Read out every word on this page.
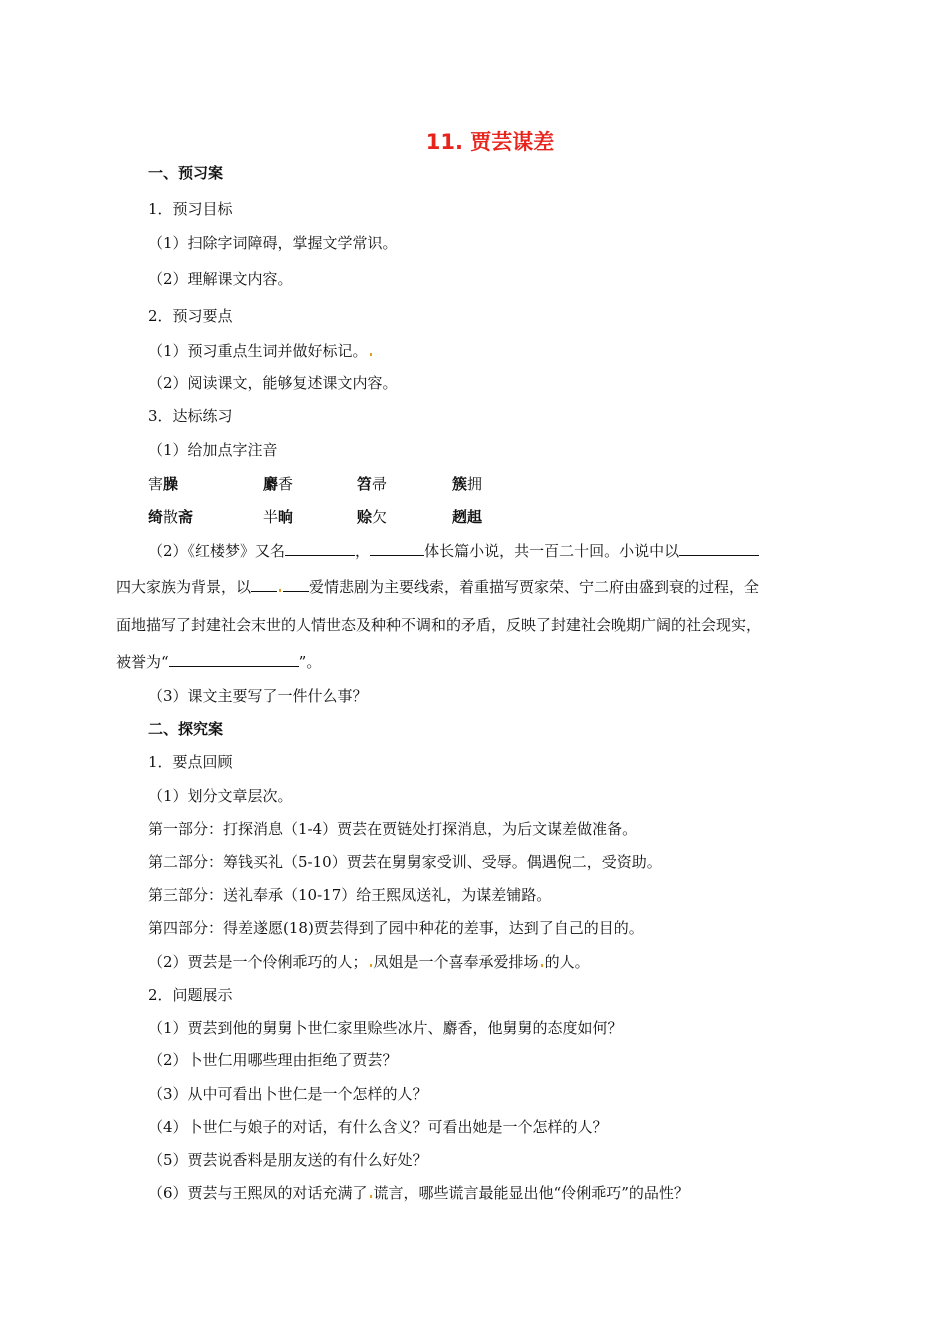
11. 贾芸谋差
一、预习案
1．预习目标
（1）扫除字词障碍，掌握文学常识。
（2）理解课文内容。
2．预习要点
（1）预习重点生词并做好标记。
（2）阅读课文，能够复述课文内容。
3．达标练习
（1）给加点字注音
害臊	麝香	笤帚	簇拥
绮散斋	半晌	赊欠	趔趄
（2）《红楼梦》又名	，	体长篇小说，共一百二十回。小说中以
四大家族为背景，以	爱情悲剧为主要线索，着重描写贾家荣、宁二府由盛到衰的过程，全
面地描写了封建社会末世的人情世态及种种不调和的矛盾，反映了封建社会晚期广阔的社会现实，
被誉为“	”。
（3）课文主要写了一件什么事？
二、探究案
1．要点回顾
（1）划分文章层次。
第一部分：打探消息（1-4）贾芸在贾链处打探消息，为后文谋差做准备。
第二部分：筹钱买礼（5-10）贾芸在舅舅家受训、受辱。偶遇倪二，受资助。
第三部分：送礼奉承（10-17）给王熙凤送礼，为谋差铺路。
第四部分：得差遂愿(18)贾芸得到了园中种花的差事，达到了自己的目的。
（2）贾芸是一个伶俐乖巧的人； 凤姐是一个喜奉承爱排场 的人。
2．问题展示
（1）贾芸到他的舅舅卜世仁家里赊些冰片、麝香，他舅舅的态度如何？
（2）卜世仁用哪些理由拒绝了贾芸？
（3）从中可看出卜世仁是一个怎样的人？
（4）卜世仁与娘子的对话，有什么含义？可看出她是一个怎样的人？
（5）贾芸说香料是朋友送的有什么好处？
（6）贾芸与王熙凤的对话充满了 谎言，哪些谎言最能显出他“伶俐乖巧”的品性？
